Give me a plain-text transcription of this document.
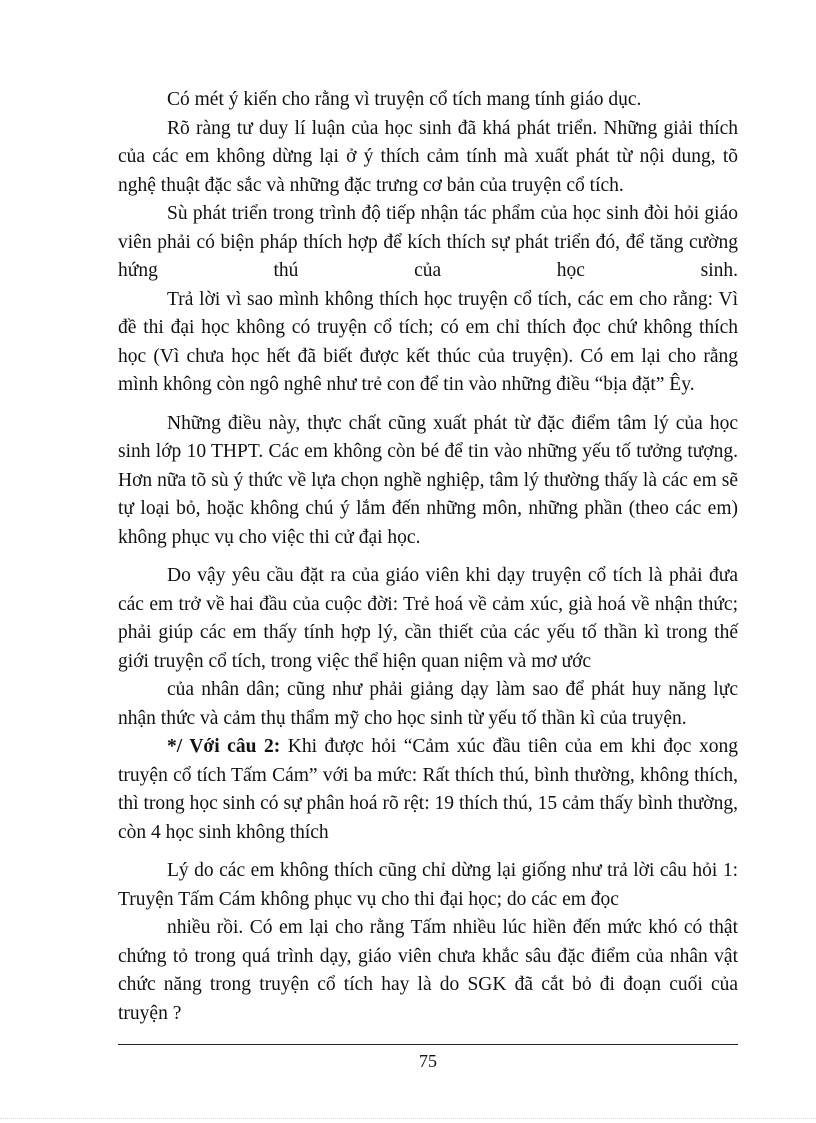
Có mét ý kiến cho rằng vì truyện cổ tích mang tính giáo dục.

Rõ ràng tư duy lí luận của học sinh đã khá phát triển. Những giải thích của các em không dừng lại ở ý thích cảm tính mà xuất phát từ nội dung, tõ nghệ thuật đặc sắc và những đặc trưng cơ bản của truyện cổ tích.

Sù phát triển trong trình độ tiếp nhận tác phẩm của học sinh đòi hỏi giáo viên phải có biện pháp thích hợp để kích thích sự phát triển đó, để tăng cường hứng thú của học sinh.

Trả lời vì sao mình không thích học truyện cổ tích, các em cho rằng: Vì đề thi đại học không có truyện cổ tích; có em chỉ thích đọc chứ không thích học (Vì chưa học hết đã biết được kết thúc của truyện). Có em lại cho rằng mình không còn ngô nghê như trẻ con để tin vào những điều “bịa đặt” Êy.

Những điều này, thực chất cũng xuất phát từ đặc điểm tâm lý của học sinh lớp 10 THPT. Các em không còn bé để tin vào những yếu tố tưởng tượng. Hơn nữa tõ sù ý thức về lựa chọn nghề nghiệp, tâm lý thường thấy là các em sẽ tự loại bỏ, hoặc không chú ý lắm đến những môn, những phần (theo các em) không phục vụ cho việc thi cử đại học.

Do vậy yêu cầu đặt ra của giáo viên khi dạy truyện cổ tích là phải đưa các em trở về hai đầu của cuộc đời: Trẻ hoá về cảm xúc, già hoá về nhận thức; phải giúp các em thấy tính hợp lý, cần thiết của các yếu tố thần kì trong thế giới truyện cổ tích, trong việc thể hiện quan niệm và mơ ước

của nhân dân; cũng như phải giảng dạy làm sao để phát huy năng lực nhận thức và cảm thụ thẩm mỹ cho học sinh từ yếu tố thần kì của truyện.

*/ Với câu 2: Khi được hỏi “Cảm xúc đầu tiên của em khi đọc xong truyện cổ tích Tấm Cám” với ba mức: Rất thích thú, bình thường, không thích, thì trong học sinh có sự phân hoá rõ rệt: 19 thích thú, 15 cảm thấy bình thường, còn 4 học sinh không thích

Lý do các em không thích cũng chỉ dừng lại giống như trả lời câu hỏi 1: Truyện Tấm Cám không phục vụ cho thi đại học; do các em đọc

nhiều rồi. Có em lại cho rằng Tấm nhiều lúc hiền đến mức khó có thật chứng tỏ trong quá trình dạy, giáo viên chưa khắc sâu đặc điểm của nhân vật chức năng trong truyện cổ tích hay là do SGK đã cắt bỏ đi đoạn cuối của truyện ?

75
